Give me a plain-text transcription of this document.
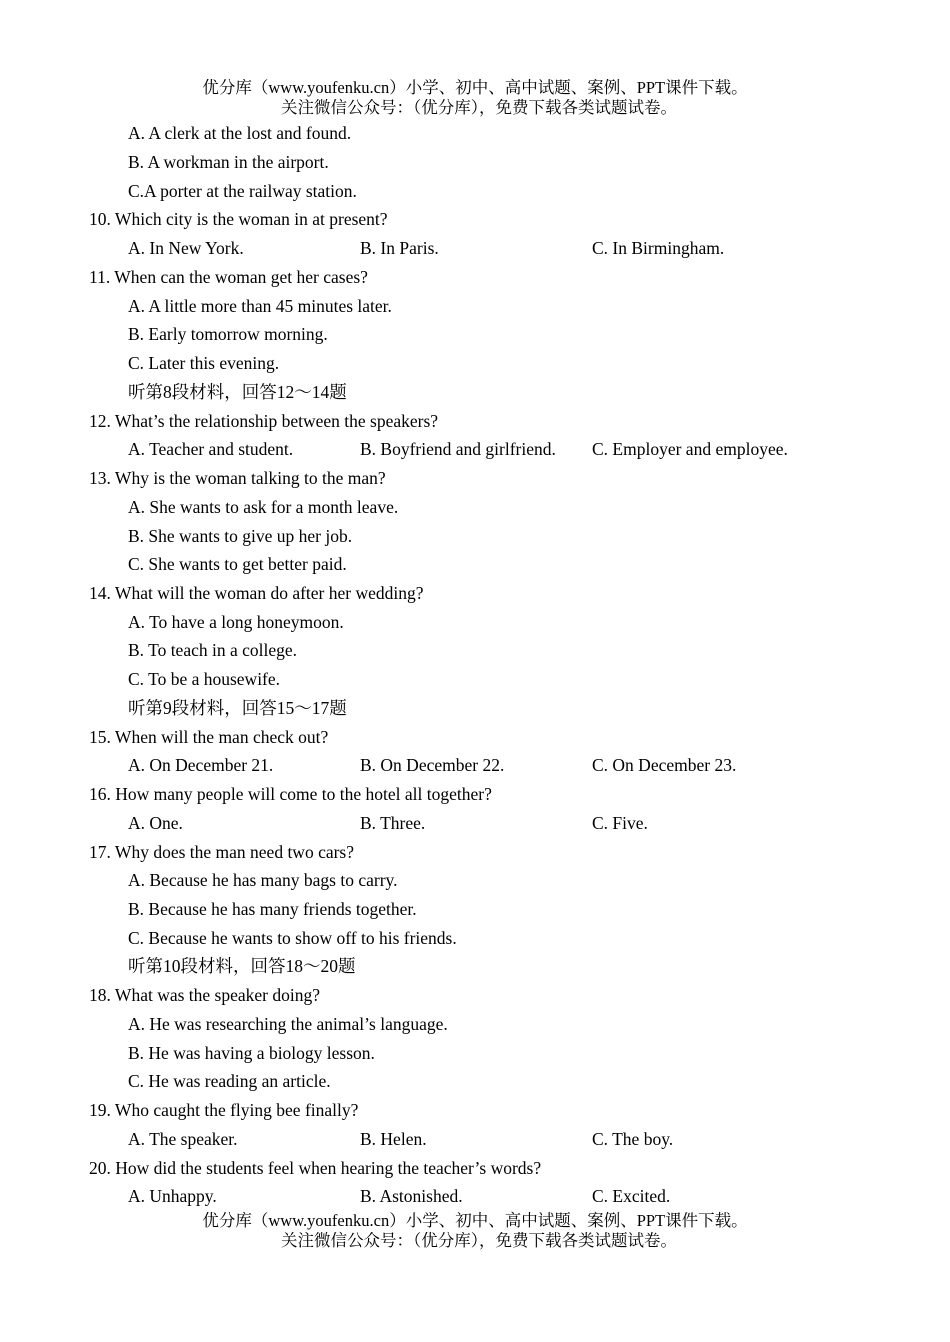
优分库（www.youfenku.cn）小学、初中、高中试题、案例、PPT课件下载。
关注微信公众号：（优分库），免费下载各类试题试卷。
A. A clerk at the lost and found.
B. A workman in the airport.
C.A porter at the railway station.
10. Which city is the woman in at present?
A. In New York.	B. In Paris.	C. In Birmingham.
11. When can the woman get her cases?
A. A little more than 45 minutes later.
B. Early tomorrow morning.
C. Later this evening.
听第8段材料，回答12～14题
12. What’s the relationship between the speakers?
A. Teacher and student.	B. Boyfriend and girlfriend. C. Employer and employee.
13. Why is the woman talking to the man?
A. She wants to ask for a month leave.
B. She wants to give up her job.
C. She wants to get better paid.
14. What will the woman do after her wedding?
A. To have a long honeymoon.
B. To teach in a college.
C. To be a housewife.
听第9段材料，回答15～17题
15. When will the man check out?
A. On December 21.	B. On December 22.	C. On December 23.
16. How many people will come to the hotel all together?
A. One.	B. Three.	C. Five.
17. Why does the man need two cars?
A. Because he has many bags to carry.
B. Because he has many friends together.
C. Because he wants to show off to his friends.
听第10段材料，回答18～20题
18. What was the speaker doing?
A. He was researching the animal’s language.
B. He was having a biology lesson.
C. He was reading an article.
19. Who caught the flying bee finally?
A. The speaker.	B. Helen.	C. The boy.
20. How did the students feel when hearing the teacher’s words?
A. Unhappy.	B. Astonished.	C. Excited.
优分库（www.youfenku.cn）小学、初中、高中试题、案例、PPT课件下载。
关注微信公众号：（优分库），免费下载各类试题试卷。
